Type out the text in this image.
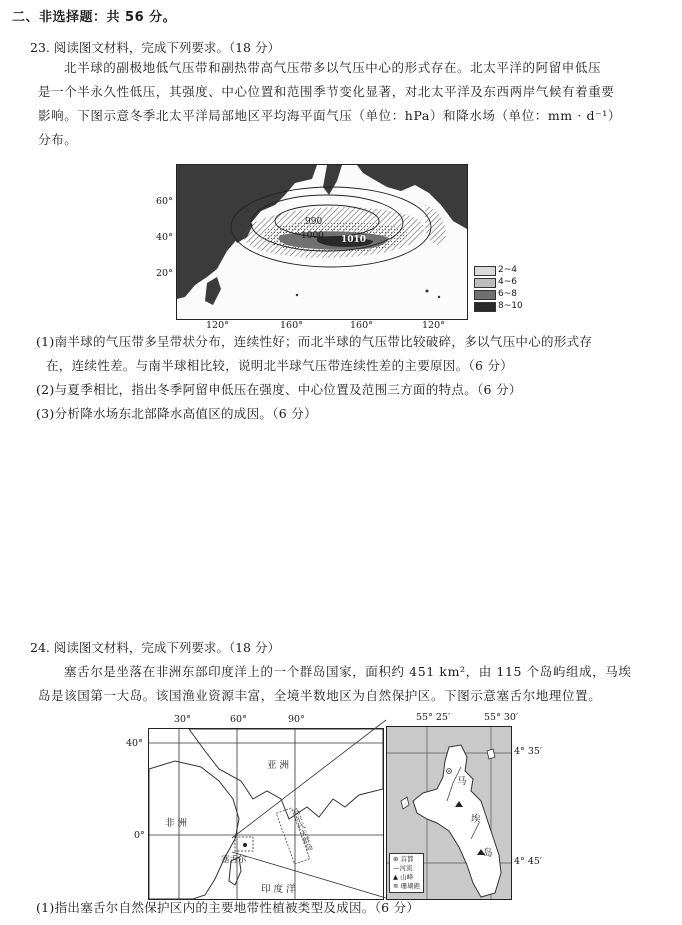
二、非选择题：共 56 分。
23. 阅读图文材料，完成下列要求。（18 分）
北半球的副极地低气压带和副热带高气压带多以气压中心的形式存在。北太平洋的阿留申低压
是一个半永久性低压，其强度、中心位置和范围季节变化显著，对北太平洋及东西两岸气候有着重要
影响。下图示意冬季北太平洋局部地区平均海平面气压（单位：hPa）和降水场（单位：mm · d⁻¹）
分布。
990
1000 1010
60°
40°
20°
120°	160°	160°	120°
2~4
4~6
6~8
8~10
(1)南半球的气压带多呈带状分布，连续性好；而北半球的气压带比较破碎，多以气压中心的形式存
在，连续性差。与南半球相比较，说明北半球气压带连续性差的主要原因。（6 分）
(2)与夏季相比，指出冬季阿留申低压在强度、中心位置及范围三方面的特点。（6 分）
(3)分析降水场东北部降水高值区的成因。（6 分）
24. 阅读图文材料，完成下列要求。（18 分）
塞舌尔是坐落在非洲东部印度洋上的一个群岛国家，面积约 451 km²，由 115 个岛屿组成，马埃
岛是该国第一大岛。该国渔业资源丰富，全境半数地区为自然保护区。下图示意塞舌尔地理位置。
30°	60°	90°
40°
0°
亚 洲
非 洲
塞舌尔
印 度 洋
马尔代夫群岛
55° 25′	55° 30′
马
埃
岛
⊛ 首都
—河流
▲ 山峰
≋ 珊瑚礁
4° 35′
4° 45′
(1)指出塞舌尔自然保护区内的主要地带性植被类型及成因。（6 分）
